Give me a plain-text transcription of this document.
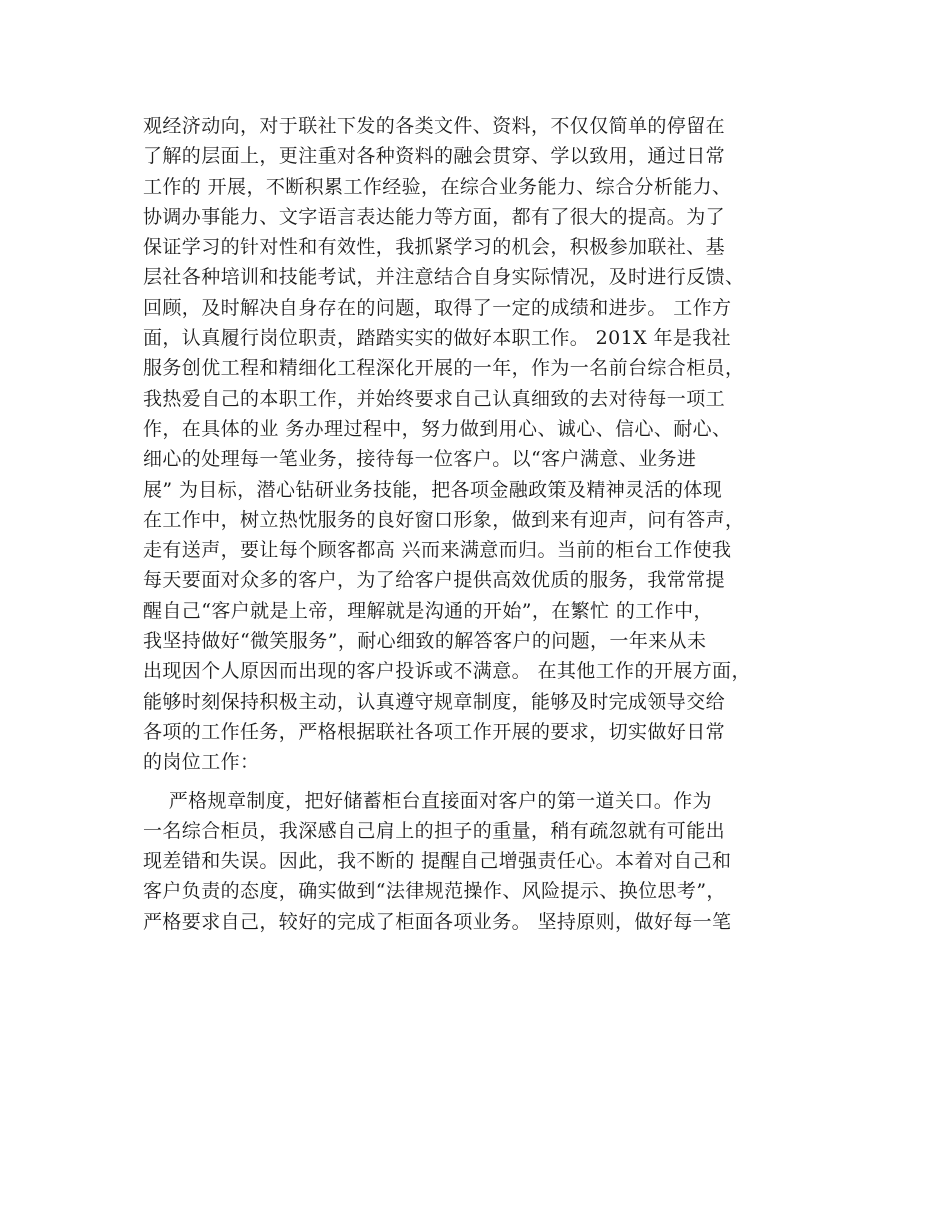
观经济动向，对于联社下发的各类文件、资料，不仅仅简单的停留在
了解的层面上，更注重对各种资料的融会贯穿、学以致用，通过日常
工作的 开展，不断积累工作经验，在综合业务能力、综合分析能力、
协调办事能力、文字语言表达能力等方面，都有了很大的提高。为了
保证学习的针对性和有效性，我抓紧学习的机会，积极参加联社、基
层社各种培训和技能考试，并注意结合自身实际情况，及时进行反馈、
回顾，及时解决自身存在的问题，取得了一定的成绩和进步。 工作方
面，认真履行岗位职责，踏踏实实的做好本职工作。 201X 年是我社
服务创优工程和精细化工程深化开展的一年，作为一名前台综合柜员，
我热爱自己的本职工作，并始终要求自己认真细致的去对待每一项工
作，在具体的业 务办理过程中，努力做到用心、诚心、信心、耐心、
细心的处理每一笔业务，接待每一位客户。以“客户满意、业务进
展” 为目标，潜心钻研业务技能，把各项金融政策及精神灵活的体现
在工作中，树立热忱服务的良好窗口形象，做到来有迎声，问有答声，
走有送声，要让每个顾客都高 兴而来满意而归。当前的柜台工作使我
每天要面对众多的客户，为了给客户提供高效优质的服务，我常常提
醒自己“客户就是上帝，理解就是沟通的开始”，在繁忙 的工作中，
我坚持做好“微笑服务”，耐心细致的解答客户的问题，一年来从未
出现因个人原因而出现的客户投诉或不满意。 在其他工作的开展方面，
能够时刻保持积极主动，认真遵守规章制度，能够及时完成领导交给
各项的工作任务，严格根据联社各项工作开展的要求，切实做好日常
的岗位工作：
严格规章制度，把好储蓄柜台直接面对客户的第一道关口。作为
一名综合柜员，我深感自己肩上的担子的重量，稍有疏忽就有可能出
现差错和失误。因此，我不断的 提醒自己增强责任心。本着对自己和
客户负责的态度，确实做到“法律规范操作、风险提示、换位思考”，
严格要求自己，较好的完成了柜面各项业务。 坚持原则，做好每一笔
